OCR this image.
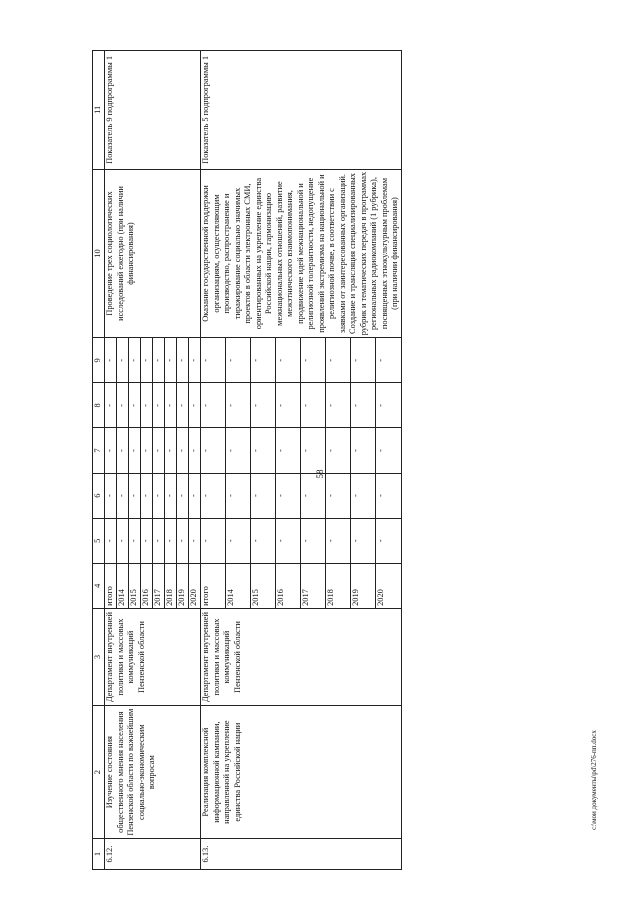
58
1	2	3	4	5	6	7	8	9	10	11
6.12.	Изучение состояния общественного мнения населения Пензенской области по важнейшим социально-экономическим вопросам	Департамент внутренней политики и массовых коммуникаций Пензенской области	итого	-	-	-	-	-	Проведение трех социологических исследований ежегодно (при наличии финансирования)	Показатель 9 подпрограммы 1
			2014	-	-	-	-	-		
			2015	-	-	-	-	-		
			2016	-	-	-	-	-		
			2017	-	-	-	-	-		
			2018	-	-	-	-	-		
			2019	-	-	-	-	-		
			2020	-	-	-	-	-		
6.13.	Реализация комплексной информационной кампании, направленной на укрепление единства Российской нации	Департамент внутренней политики и массовых коммуникаций Пензенской области	итого	-	-	-	-	-	Оказание государственной поддержки организациям, осуществляющим производство, распространение и тиражирование социально значимых проектов в области электронных СМИ, ориентированных на укрепление единства Российской нации, гармонизацию межнациональных отношений, развитие межэтнического взаимопонимания, продвижение идей межнациональной и религиозной толерантности, недопущение проявлений экстремизма на национальной и религиозной почве, в соответствии с заявками от заинтересованных организаций. Создание и трансляция специализированных рубрик и тематических передач в программах региональных радиокомпаний (1 рубрика), посвященных этнокультурным проблемам (при наличии финансирования)	Показатель 5 подпрограммы 1
			2014	-	-	-	-	-		
			2015	-	-	-	-	-		
			2016	-	-	-	-	-		
			2017	-	-	-	-	-		
			2018	-	-	-	-	-		
			2019	-	-	-	-	-		
			2020	-	-	-	-	-		
c:\мои документы\pd\276-пп.docx
